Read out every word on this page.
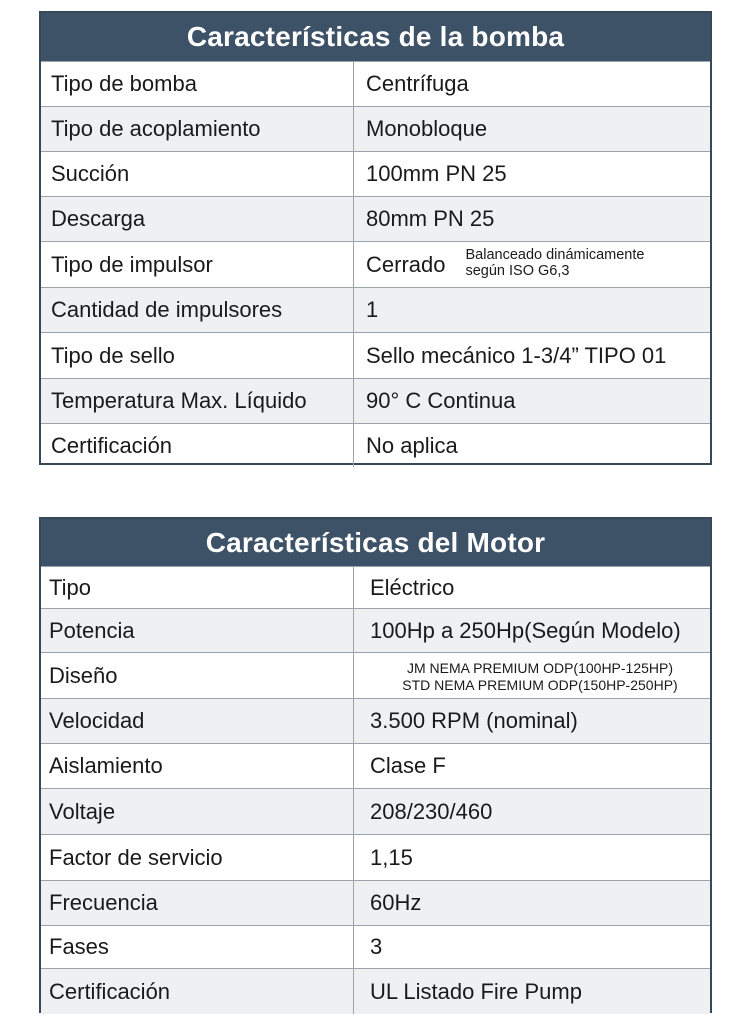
Características de la bomba
Tipo de bomba	Centrífuga
Tipo de acoplamiento	Monobloque
Succión	100mm PN 25
Descarga	80mm PN 25
Tipo de impulsor	Cerrado Balanceado dinámicamente
según ISO G6,3
Cantidad de impulsores	1
Tipo de sello	Sello mecánico 1-3/4” TIPO 01
Temperatura Max. Líquido	90° C Continua
Certificación	No aplica
Características del Motor
Tipo	Eléctrico
Potencia	100Hp a 250Hp(Según Modelo)
Diseño	JM NEMA PREMIUM ODP(100HP-125HP)
STD NEMA PREMIUM ODP(150HP-250HP)
Velocidad	3.500 RPM (nominal)
Aislamiento	Clase F
Voltaje	208/230/460
Factor de servicio	1,15
Frecuencia	60Hz
Fases	3
Certificación	UL Listado Fire Pump
